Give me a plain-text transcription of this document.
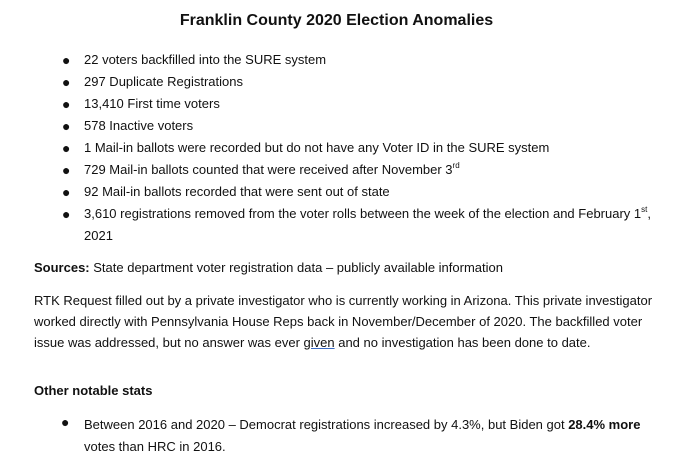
Franklin County 2020 Election Anomalies
● 22 voters backfilled into the SURE system
● 297 Duplicate Registrations
● 13,410 First time voters
● 578 Inactive voters
● 1 Mail-in ballots were recorded but do not have any Voter ID in the SURE system
● 729 Mail-in ballots counted that were received after November 3rd
● 92 Mail-in ballots recorded that were sent out of state
● 3,610 registrations removed from the voter rolls between the week of the election and February 1st, 2021
Sources: State department voter registration data – publicly available information
RTK Request filled out by a private investigator who is currently working in Arizona. This private investigator worked directly with Pennsylvania House Reps back in November/December of 2020. The backfilled voter issue was addressed, but no answer was ever given and no investigation has been done to date.
Other notable stats
● Between 2016 and 2020 – Democrat registrations increased by 4.3%, but Biden got 28.4% more votes than HRC in 2016.
